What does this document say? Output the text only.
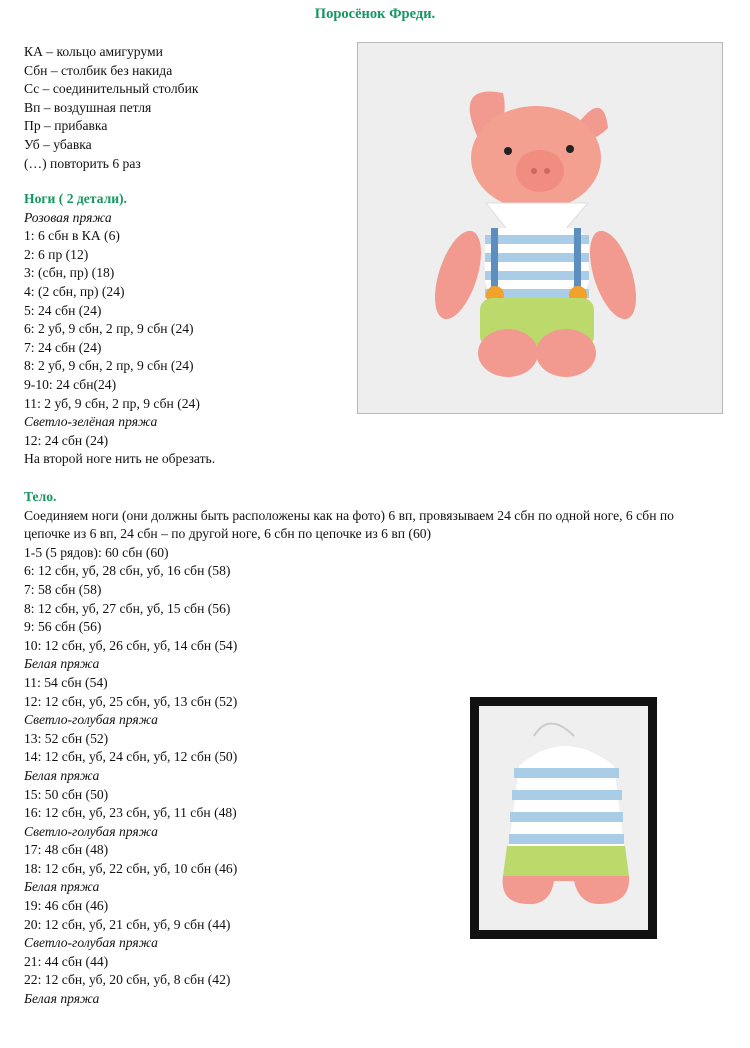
Поросёнок Фреди.
КА – кольцо амигуруми
Сбн – столбик без накида
Сс – соединительный столбик
Вп – воздушная петля
Пр – прибавка
Уб – убавка
(…) повторить 6 раз
Ноги ( 2 детали).
Розовая пряжа
1: 6 сбн в КА (6)
2: 6 пр (12)
3: (сбн, пр) (18)
4: (2 сбн, пр) (24)
5: 24 сбн (24)
6: 2 уб, 9 сбн, 2 пр, 9 сбн (24)
7: 24 сбн (24)
8: 2 уб, 9 сбн, 2 пр, 9 сбн (24)
9-10: 24 сбн(24)
11: 2 уб, 9 сбн, 2 пр, 9 сбн (24)
Светло-зелёная пряжа
12: 24 сбн (24)
На второй ноге нить не обрезать.
Тело.
Соединяем ноги (они должны быть расположены как на фото) 6 вп, провязываем 24 сбн по одной ноге, 6 сбн по цепочке из 6 вп, 24 сбн – по другой ноге, 6 сбн по цепочке из 6 вп (60)
1-5 (5 рядов): 60 сбн (60)
6: 12 сбн, уб, 28 сбн, уб, 16 сбн (58)
7: 58 сбн (58)
8: 12 сбн, уб, 27 сбн, уб, 15 сбн (56)
9: 56 сбн (56)
10: 12 сбн, уб, 26 сбн, уб, 14 сбн (54)
Белая пряжа
11: 54 сбн (54)
12: 12 сбн, уб, 25 сбн, уб, 13 сбн (52)
Светло-голубая пряжа
13: 52 сбн (52)
14: 12 сбн, уб, 24 сбн, уб, 12 сбн (50)
Белая пряжа
15: 50 сбн (50)
16: 12 сбн, уб, 23 сбн, уб, 11 сбн (48)
Светло-голубая пряжа
17: 48 сбн (48)
18: 12 сбн, уб, 22 сбн, уб, 10 сбн (46)
Белая пряжа
19: 46 сбн (46)
20: 12 сбн, уб, 21 сбн, уб, 9 сбн (44)
Светло-голубая пряжа
21: 44 сбн (44)
22: 12 сбн, уб, 20 сбн, уб, 8 сбн (42)
Белая пряжа
